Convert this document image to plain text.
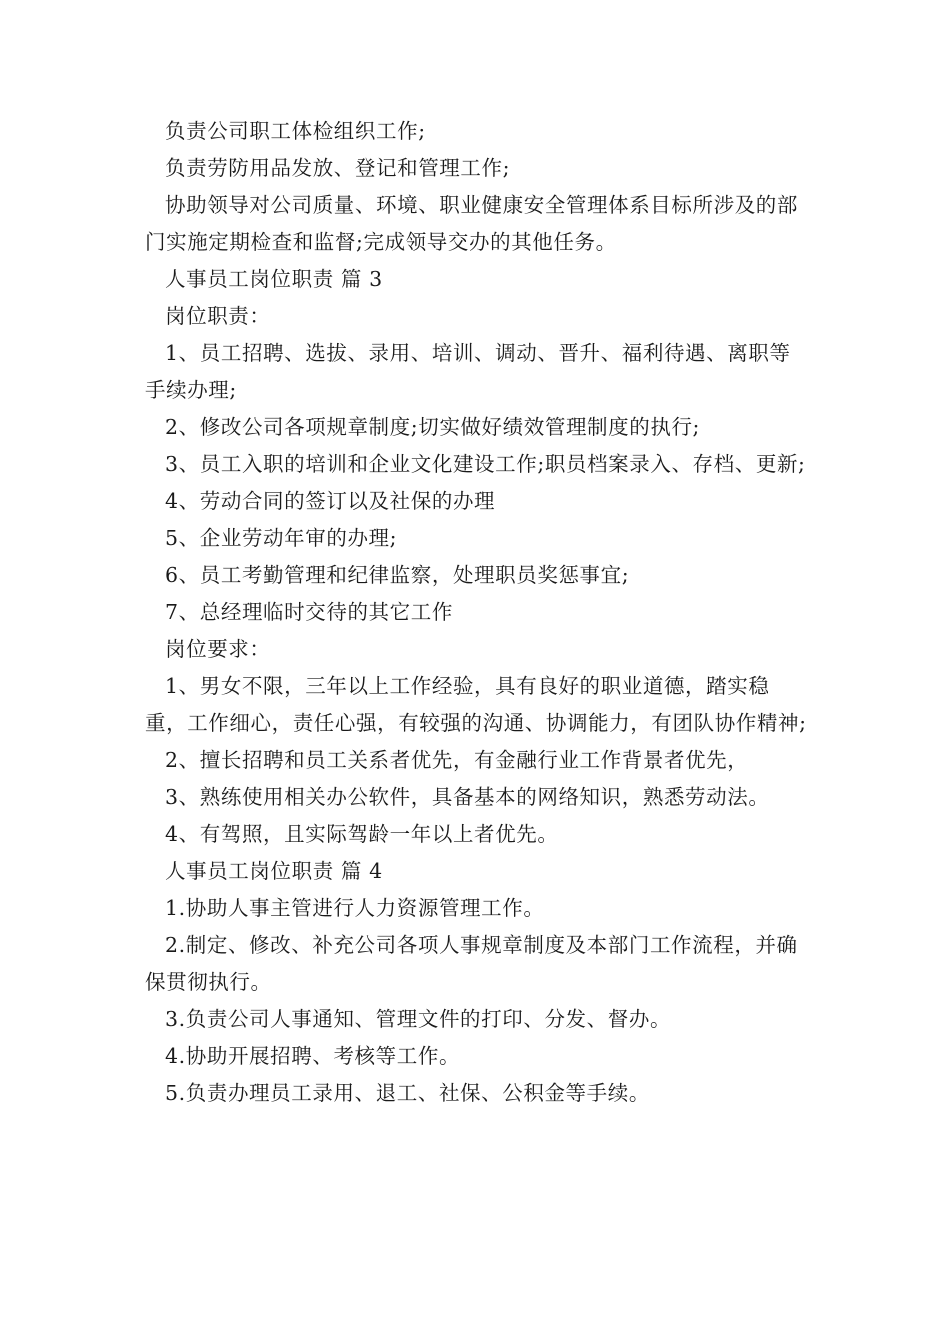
负责公司职工体检组织工作;

负责劳防用品发放、登记和管理工作;

协助领导对公司质量、环境、职业健康安全管理体系目标所涉及的部门实施定期检查和监督;完成领导交办的其他任务。

人事员工岗位职责 篇 3

岗位职责：

1、员工招聘、选拔、录用、培训、调动、晋升、福利待遇、离职等手续办理;

2、修改公司各项规章制度;切实做好绩效管理制度的执行;

3、员工入职的培训和企业文化建设工作;职员档案录入、存档、更新;

4、劳动合同的签订以及社保的办理

5、企业劳动年审的办理;

6、员工考勤管理和纪律监察，处理职员奖惩事宜;

7、总经理临时交待的其它工作

岗位要求：

1、男女不限，三年以上工作经验，具有良好的职业道德，踏实稳重，工作细心，责任心强，有较强的沟通、协调能力，有团队协作精神;

2、擅长招聘和员工关系者优先，有金融行业工作背景者优先，

3、熟练使用相关办公软件，具备基本的网络知识，熟悉劳动法。

4、有驾照，且实际驾龄一年以上者优先。

人事员工岗位职责 篇 4

1.协助人事主管进行人力资源管理工作。

2.制定、修改、补充公司各项人事规章制度及本部门工作流程，并确保贯彻执行。

3.负责公司人事通知、管理文件的打印、分发、督办。

4.协助开展招聘、考核等工作。

5.负责办理员工录用、退工、社保、公积金等手续。
